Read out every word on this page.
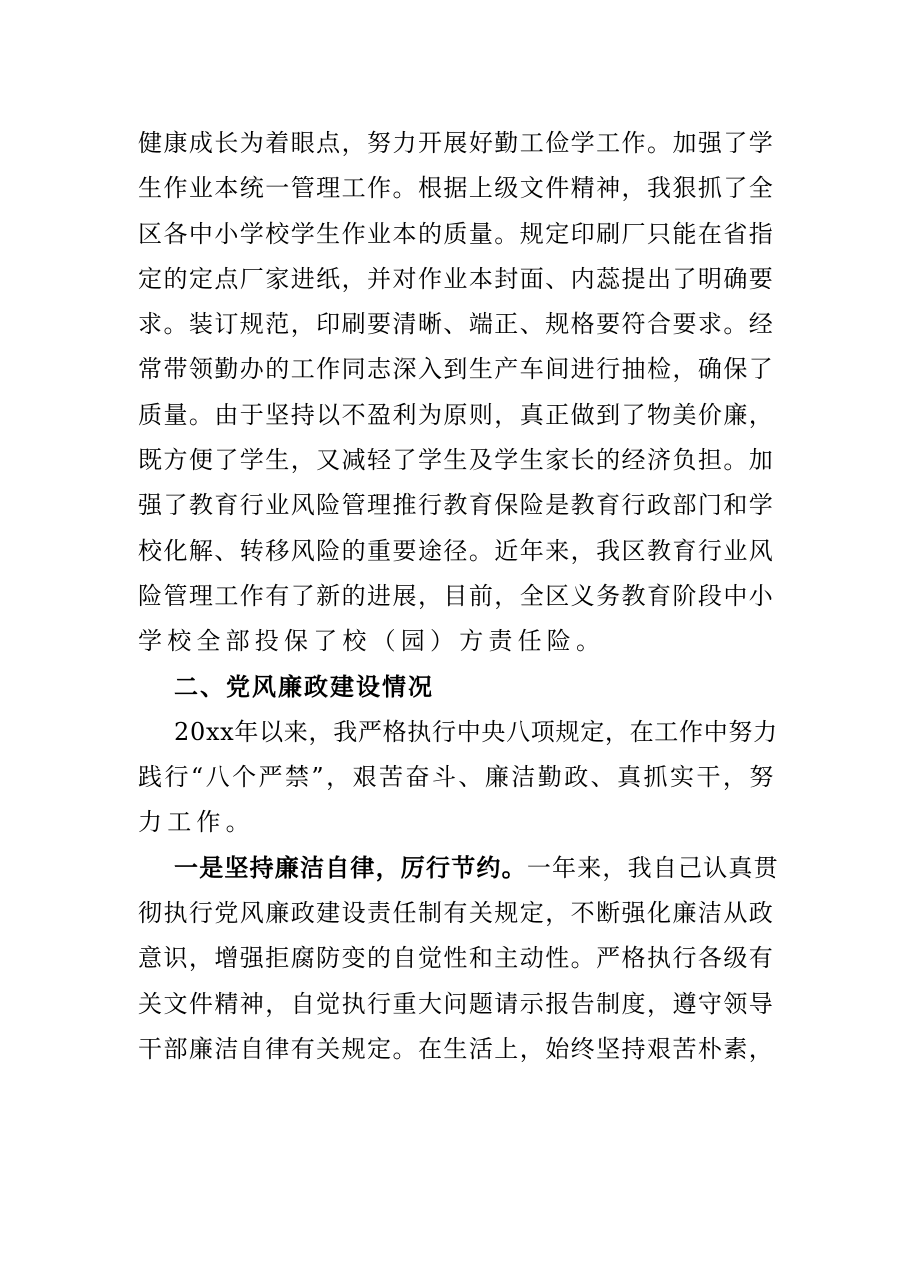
健康成长为着眼点，努力开展好勤工俭学工作。加强了学
生作业本统一管理工作。根据上级文件精神，我狠抓了全
区各中小学校学生作业本的质量。规定印刷厂只能在省指
定的定点厂家进纸，并对作业本封面、内蕊提出了明确要
求。装订规范，印刷要清晰、端正、规格要符合要求。经
常带领勤办的工作同志深入到生产车间进行抽检，确保了
质量。由于坚持以不盈利为原则，真正做到了物美价廉，
既方便了学生，又减轻了学生及学生家长的经济负担。加
强了教育行业风险管理推行教育保险是教育行政部门和学
校化解、转移风险的重要途径。近年来，我区教育行业风
险管理工作有了新的进展，目前，全区义务教育阶段中小
学校全部投保了校（园）方责任险。
二、党风廉政建设情况
20xx年以来，我严格执行中央八项规定，在工作中努力
践行“八个严禁”，艰苦奋斗、廉洁勤政、真抓实干，努
力工作。
一是坚持廉洁自律，厉行节约。一年来，我自己认真贯
彻执行党风廉政建设责任制有关规定，不断强化廉洁从政
意识，增强拒腐防变的自觉性和主动性。严格执行各级有
关文件精神，自觉执行重大问题请示报告制度，遵守领导
干部廉洁自律有关规定。在生活上，始终坚持艰苦朴素，
